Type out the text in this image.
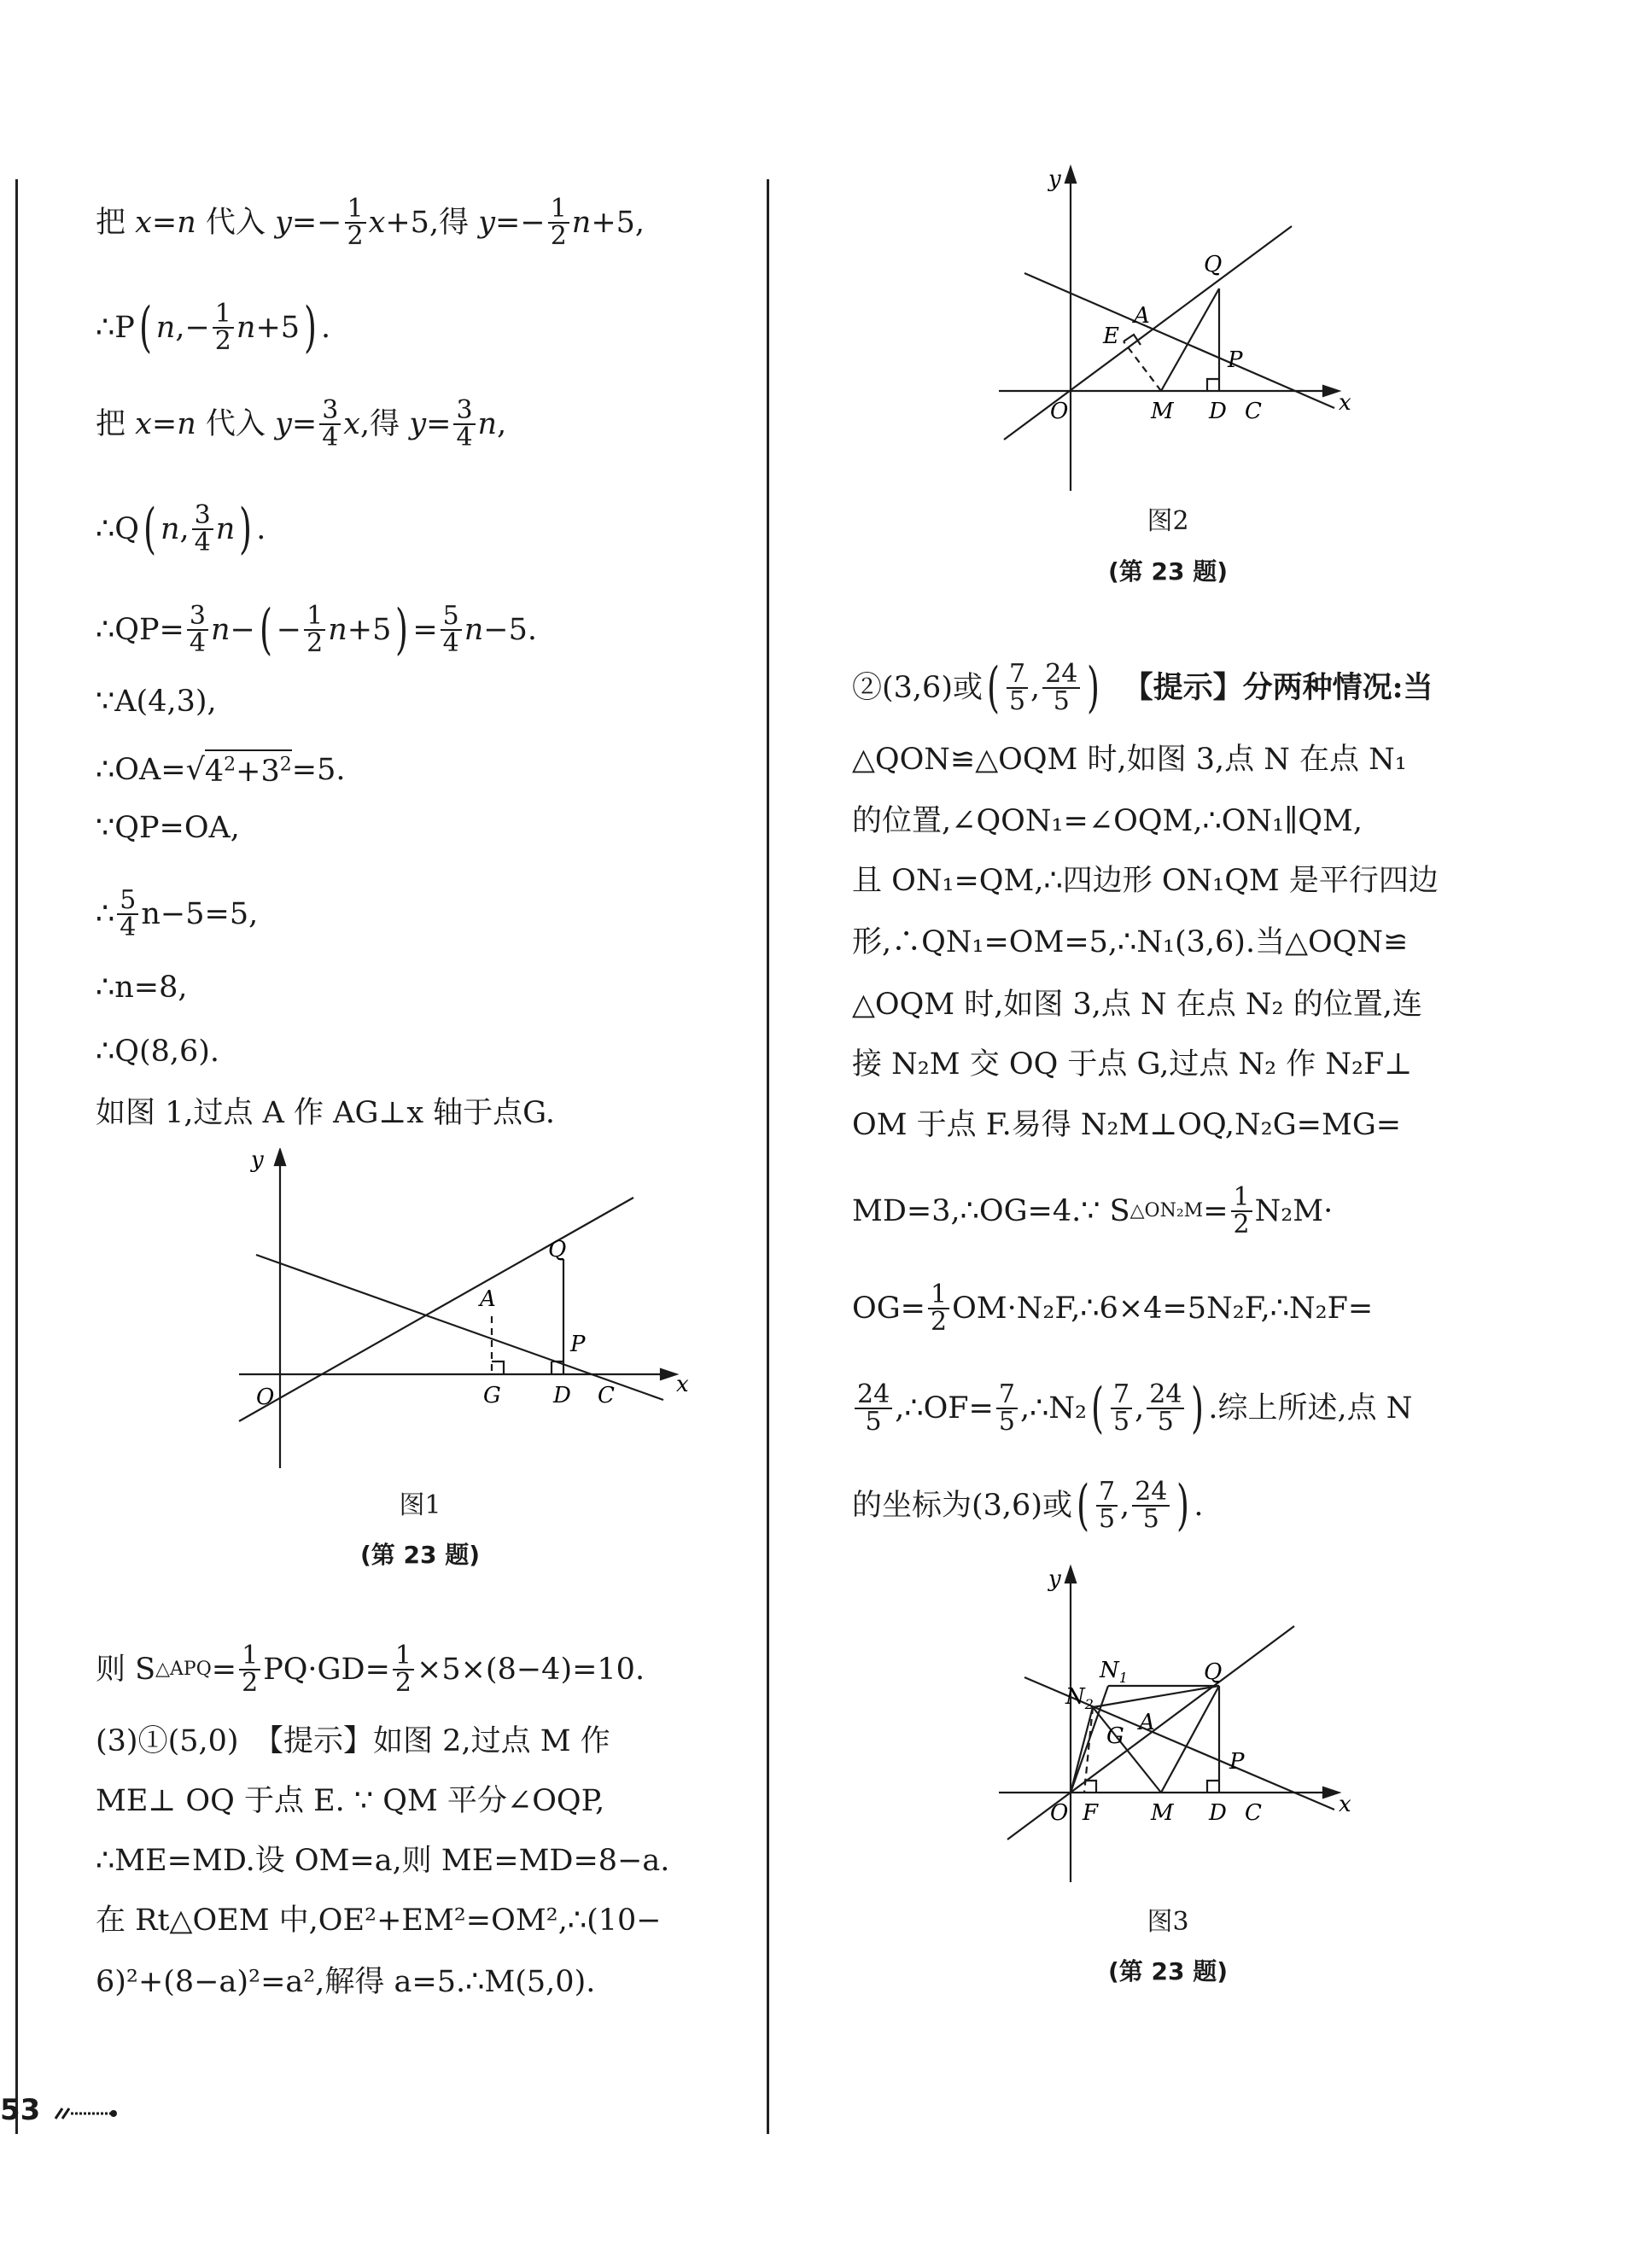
把
x = n
代入
$y =- \frac{1}{2}$ x +5, 得
$y =- \frac{1}{2}$ n +5,
∴P ( n ,− $\frac{1}{2}$ n +5 ) .
把
x = n
代入
$y = \frac{3}{4}$ x , 得
$y = \frac{3}{4}$ n ,
∴Q ( n , $\frac{3}{4}$ n ) .
∴QP= $\frac{3}{4}$ n − ( − $\frac{1}{2}$ n +5 ) = $\frac{5}{4}$ n −5.
∵A(4,3),
∴OA= √ $4^2+3^2 =5$.
∵QP=OA,
∴ $\frac{5}{4} n-5=5$,
∴n=8,
∴Q(8,6).
如图 1,过点 A 作 AG⊥x 轴于点G.
y
x
O	G D C
A
Q
P
图1
(第 23 题)
则 S △APQ = $\frac{1}{2} PQ\cdot GD= \frac{1}{2} \times 5\times(8-4)=10$.
(3)①(5,0)　【提示】如图 2,过点 M 作
ME⊥ OQ 于点 E. ∵ QM 平分∠OQP,
∴ME=MD.设 OM=a,则 ME=MD=8−a.
在 Rt△OEM 中,OE²+EM²=OM²,∴(10−
6)²+(8−a)²=a²,解得 a=5.∴M(5,0).
y
x
O	M D C
E
A
Q
P
图2
(第 23 题)
②(3,6)或 ( $\frac{7}{5}$ , $\frac{24}{5}$ )
【提示】分两种情况:当
△QON≌△OQM 时,如图 3,点 N 在点 N₁
的位置,∠QON₁=∠OQM,∴ON₁∥QM,
且 ON₁=QM,∴四边形 ON₁QM 是平行四边
形,∴QN₁=OM=5,∴N₁(3,6).当△OQN≌
△OQM 时,如图 3,点 N 在点 N₂ 的位置,连
接 N₂M 交 OQ 于点 G,过点 N₂ 作 N₂F⊥
OM 于点 F.易得 N₂M⊥OQ,N₂G=MG=
MD=3,∴OG=4.∵ S △ON₂M = $\frac{1}{2} N_2M\cdot$
$OG= \frac{1}{2}$ OM·N₂F,∴6×4=5N₂F,∴N₂F=
$\frac{24}{5}$ ,∴OF= $\frac{7}{5}$ ,∴N₂ ( $\frac{7}{5}$ , $\frac{24}{5}$ ) .综上所述,点 N
的坐标为(3,6)或 ( $\frac{7}{5}$ , $\frac{24}{5}$ ) .
y
x
O F M D C
$N_1$
$N_2$
Q
A
G
P
图3
(第 23 题)
53
